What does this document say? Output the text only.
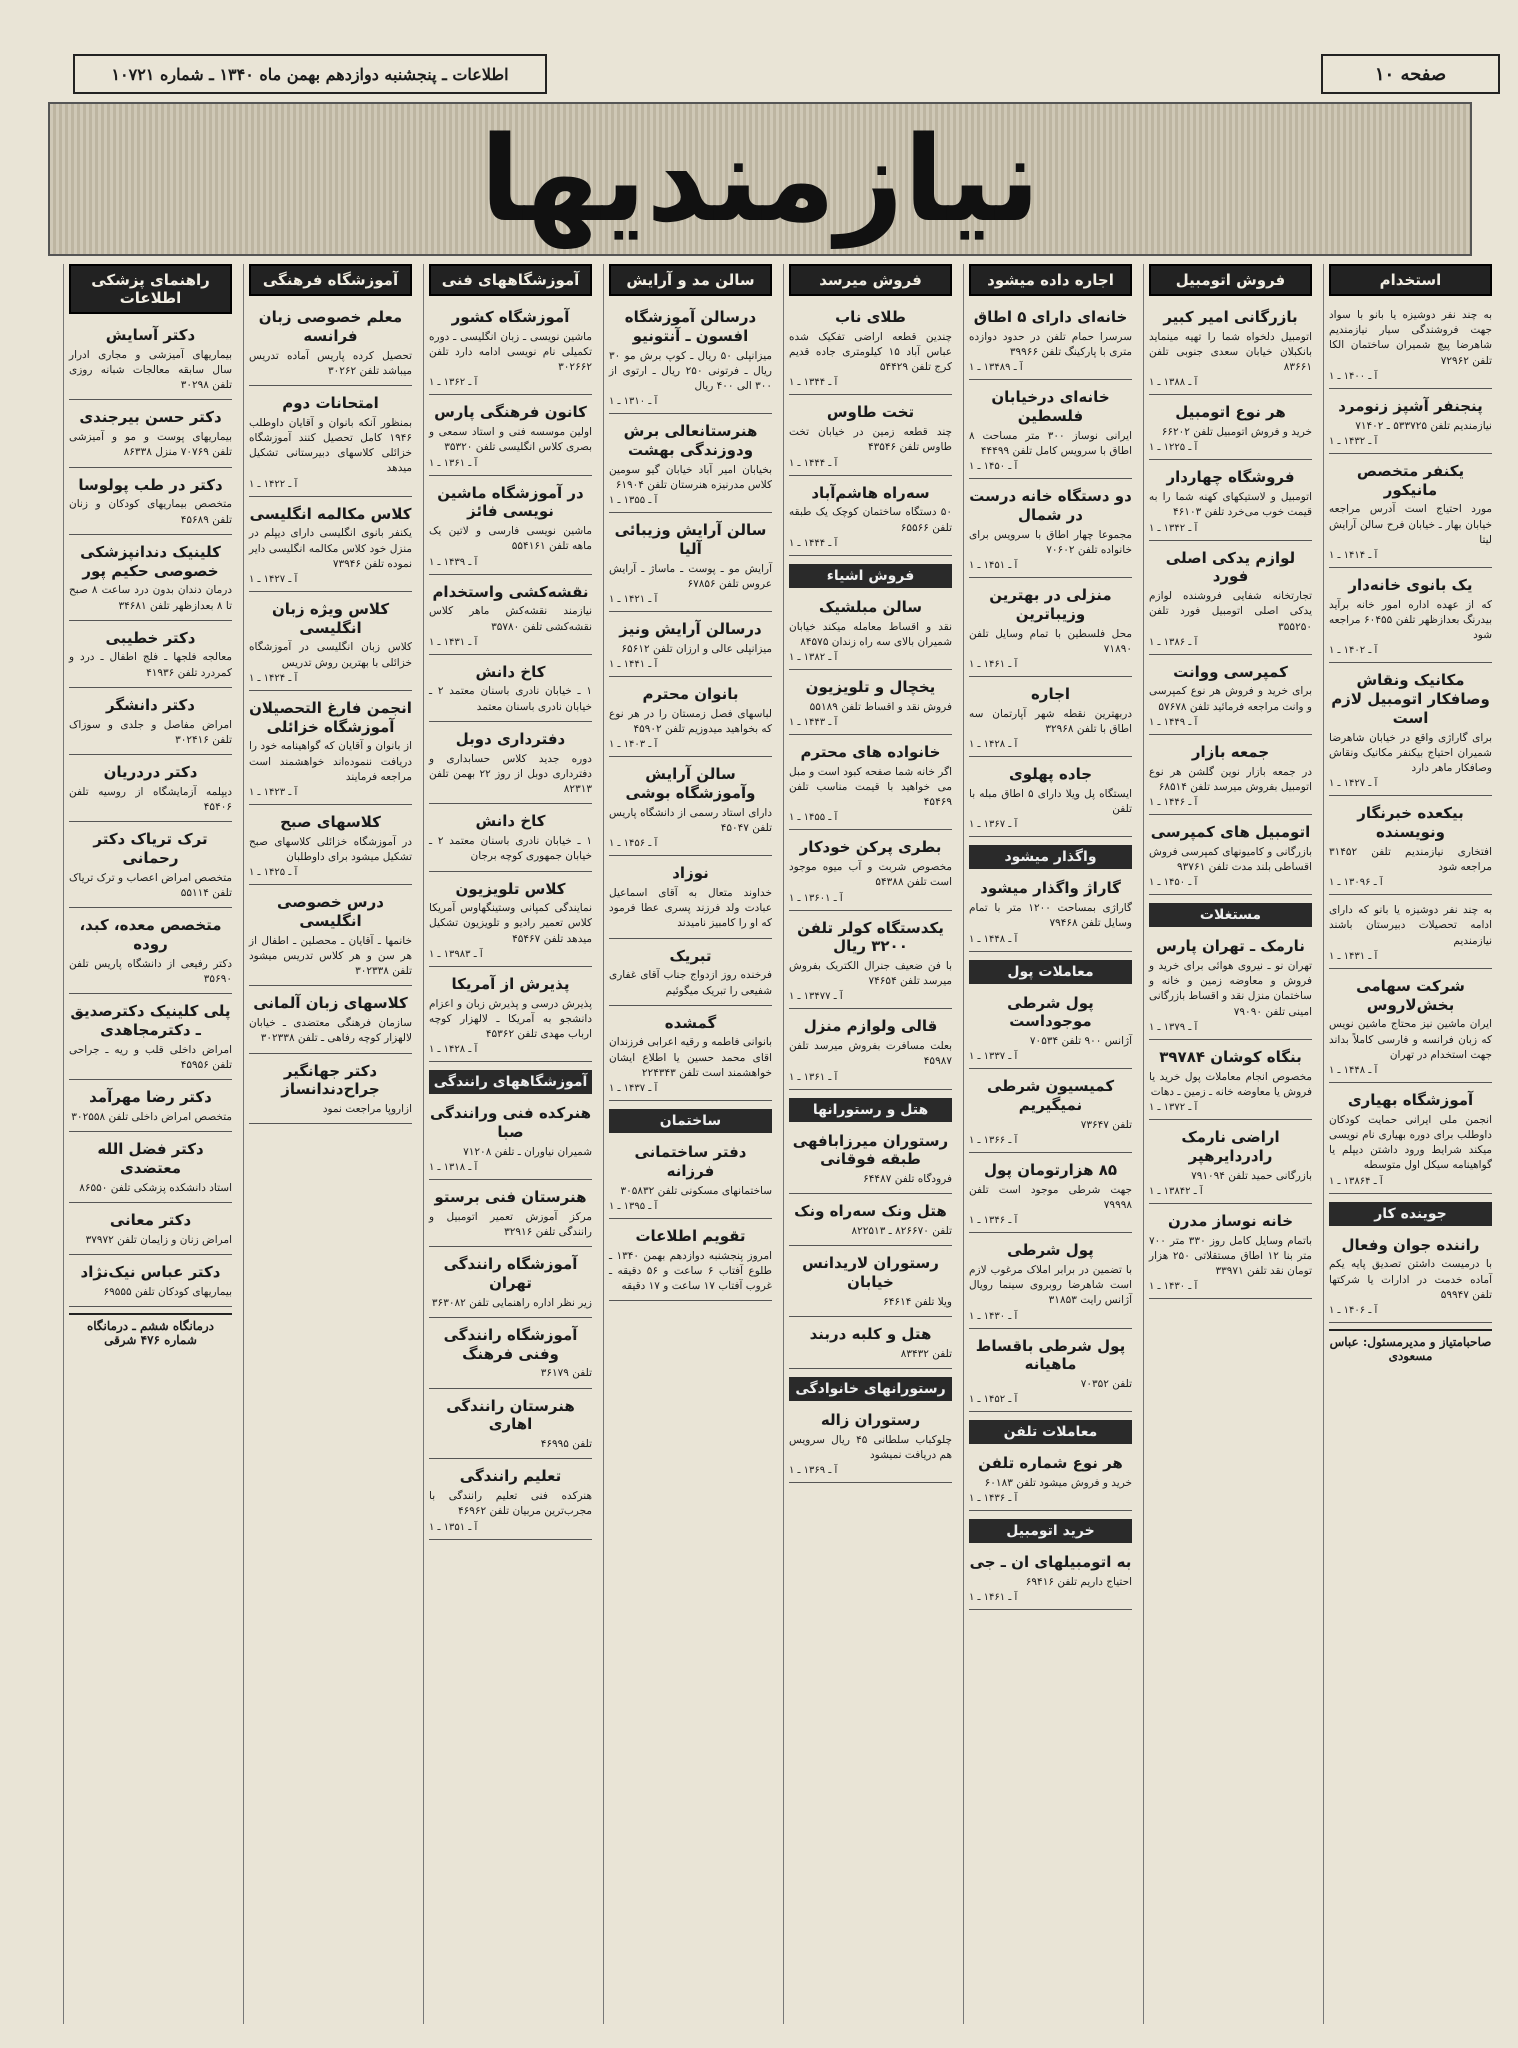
صفحه ۱۰
اطلاعات ـ پنجشنبه دوازدهم بهمن ماه ۱۳۴۰ ـ شماره ۱۰۷۲۱
نیازمندیها
استخدام

به چند نفر دوشیزه یا بانو با سواد جهت فروشندگی سیار نیازمندیم شاهرضا پیچ شمیران ساختمان الکا تلفن ۷۲۹۶۲

آ ـ ۱۴۰۰ ـ ۱
پنجنفر آشپز زنومرد

نیازمندیم تلفن ۵۳۳۷۲۵ ـ ۷۱۴۰۲

آ ـ ۱۴۳۲ ـ ۱
یکنفر متخصص مانیکور

مورد احتیاج است آدرس مراجعه خیابان بهار ـ خیابان فرح سالن آرایش لیتا

آ ـ ۱۴۱۴ ـ ۱
یک بانوی خانه‌دار

که از عهده اداره امور خانه برآید بیدرنگ بعدازظهر تلفن ۶۰۴۵۵ مراجعه شود

آ ـ ۱۴۰۲ ـ ۱
مکانیک ونقاش وصافکار اتومبیل لازم است

برای گاراژی واقع در خیابان شاهرضا شمیران احتیاج بیکنفر مکانیک ونقاش وصافکار ماهر دارد

آ ـ ۱۴۲۷ ـ ۱
بیکعده خبرنگار ونویسنده

افتخاری نیازمندیم تلفن ۳۱۴۵۲ مراجعه شود

آ ـ ۱۳۰۹۶ ـ ۱

به چند نفر دوشیزه یا بانو که دارای ادامه تحصیلات دبیرستان باشند نیازمندیم

آ ـ ۱۴۳۱ ـ ۱
شرکت سهامی بخش‌لاروس

ایران ماشین نیز محتاج ماشین نویس که زبان فرانسه و فارسی کاملاً بداند جهت استخدام در تهران

آ ـ ۱۴۴۸ ـ ۱
آموزشگاه بهیاری

انجمن ملی ایرانی حمایت کودکان داوطلب برای دوره بهیاری نام نویسی میکند شرایط ورود داشتن دیپلم یا گواهینامه سیکل اول متوسطه

آ ـ ۱۳۸۶۴ ـ ۱
جوینده کار
راننده جوان وفعال

با درمیست داشتن تصدیق پایه یکم آماده خدمت در ادارات یا شرکتها تلفن ۵۹۹۴۷

آ ـ ۱۴۰۶ ـ ۱
صاحبامتیاز و مدیرمسئول: عباس مسعودی
فروش اتومبیل
بازرگانی امیر کبیر

اتومبیل دلخواه شما را تهیه مینماید بانکبلان خیابان سعدی جنوبی تلفن ۸۳۶۶۱

آ ـ ۱۳۸۸ ـ ۱
هر نوع اتومبیل

خرید و فروش اتومبیل تلفن ۶۶۲۰۲

آ ـ ۱۲۲۵ ـ ۱
فروشگاه چهاردار

اتومبیل و لاستیکهای کهنه شما را به قیمت خوب می‌خرد تلفن ۴۶۱۰۳

آ ـ ۱۳۴۲ ـ ۱
لوازم یدکی اصلی فورد

تجارتخانه شفایی فروشنده لوازم یدکی اصلی اتومبیل فورد تلفن ۳۵۵۲۵۰

آ ـ ۱۳۸۶ ـ ۱
کمپرسی ووانت

برای خرید و فروش هر نوع کمپرسی و وانت مراجعه فرمائید تلفن ۵۷۶۷۸

آ ـ ۱۴۴۹ ـ ۱
جمعه بازار

در جمعه بازار نوین گلشن هر نوع اتومبیل بفروش میرسد تلفن ۶۸۵۱۴

آ ـ ۱۴۴۶ ـ ۱
اتومبیل های کمپرسی

بازرگانی و کامیونهای کمپرسی فروش اقساطی بلند مدت تلفن ۹۳۷۶۱

آ ـ ۱۴۵۰ ـ ۱
مستغلات
نارمک ـ تهران پارس

تهران نو ـ نیروی هوائی برای خرید و فروش و معاوضه زمین و خانه و ساختمان منزل نقد و اقساط بازرگانی امینی تلفن ۷۹۰۹۰

آ ـ ۱۳۷۹ ـ ۱
بنگاه کوشان ۳۹۷۸۴

مخصوص انجام معاملات پول خرید یا فروش یا معاوضه خانه ـ زمین ـ دهات

آ ـ ۱۳۷۲ ـ ۱
اراضی نارمک رادردایرهپر

بازرگانی حمید تلفن ۷۹۱۰۹۴

آ ـ ۱۳۸۴۲ ـ ۱
خانه نوساز مدرن

باتمام وسایل کامل روز ۳۳۰ متر ۷۰۰ متر بنا ۱۲ اطاق مستقلاتی ۲۵۰ هزار تومان نقد تلفن ۳۳۹۷۱

آ ـ ۱۴۳۰ ـ ۱
اجاره داده میشود
خانه‌ای دارای ۵ اطاق

سرسرا حمام تلفن در حدود دوازده متری با پارکینگ تلفن ۳۹۹۶۶

آ ـ ۱۳۴۸۹ ـ ۱
خانه‌ای درخیابان فلسطین

ایرانی نوساز ۳۰۰ متر مساحت ۸ اطاق با سرویس کامل تلفن ۴۴۴۹۹

آ ـ ۱۴۵۰ ـ ۱
دو دستگاه خانه درست در شمال

مجموعا چهار اطاق با سرویس برای خانواده تلفن ۷۰۶۰۲

آ ـ ۱۴۵۱ ـ ۱
منزلی در بهترین وزیباترین

محل فلسطین با تمام وسایل تلفن ۷۱۸۹۰

آ ـ ۱۴۶۱ ـ ۱
اجاره

دربهترین نقطه شهر آپارتمان سه اطاق با تلفن ۳۲۹۶۸

آ ـ ۱۴۲۸ ـ ۱
جاده پهلوی

ایستگاه پل ویلا دارای ۵ اطاق مبله با تلفن

آ ـ ۱۳۶۷ ـ ۱
واگذار میشود
گاراژ واگذار میشود

گاراژی بمساحت ۱۲۰۰ متر با تمام وسایل تلفن ۷۹۴۶۸

آ ـ ۱۴۴۸ ـ ۱
معاملات پول
پول شرطی موجوداست

آژانس ۹۰۰ تلفن ۷۰۵۳۴

آ ـ ۱۳۳۷ ـ ۱
کمیسیون شرطی نمیگیریم

تلفن ۷۳۶۴۷

آ ـ ۱۳۶۶ ـ ۱
۸۵ هزارتومان پول

جهت شرطی موجود است تلفن ۷۹۹۹۸

آ ـ ۱۳۴۶ ـ ۱
پول شرطی

با تضمین در برابر املاک مرغوب لازم است شاهرضا روبروی سینما رویال آژانس رایت ۳۱۸۵۳

آ ـ ۱۴۳۰ ـ ۱
پول شرطی باقساط ماهیانه

تلفن ۷۰۳۵۲

آ ـ ۱۴۵۲ ـ ۱
معاملات تلفن
هر نوع شماره تلفن

خرید و فروش میشود تلفن ۶۰۱۸۳

آ ـ ۱۴۳۶ ـ ۱
خرید اتومبیل
به اتومبیلهای ان ـ جی

احتیاج داریم تلفن ۶۹۴۱۶

آ ـ ۱۴۶۱ ـ ۱
فروش میرسد
طلای ناب

چندین قطعه اراضی تفکیک شده عباس آباد ۱۵ کیلومتری جاده قدیم کرج تلفن ۵۴۴۲۹

آ ـ ۱۳۴۴ ـ ۱
تخت طاوس

چند قطعه زمین در خیابان تخت طاوس تلفن ۴۳۵۴۶

آ ـ ۱۴۴۴ ـ ۱
سه‌راه هاشم‌آباد

۵۰ دستگاه ساختمان کوچک یک طبقه تلفن ۶۵۵۶۶

آ ـ ۱۴۴۴ ـ ۱
فروش اشیاء
سالن مبلشیک

نقد و اقساط معامله میکند خیابان شمیران بالای سه راه زندان ۸۴۵۷۵

آ ـ ۱۳۸۲ ـ ۱
یخچال و تلویزیون

فروش نقد و اقساط تلفن ۵۵۱۸۹

آ ـ ۱۴۴۳ ـ ۱
خانواده های محترم

اگر خانه شما صفحه کبود است و مبل می خواهید با قیمت مناسب تلفن ۴۵۴۶۹

آ ـ ۱۴۵۵ ـ ۱
بطری پرکن خودکار

مخصوص شربت و آب میوه موجود است تلفن ۵۴۳۸۸

آ ـ ۱۳۶۰۱ ـ ۱
یکدستگاه کولر تلفن ۳۲۰۰ ریال

با فن ضعیف جنرال الکتریک بفروش میرسد تلفن ۷۴۶۵۴

آ ـ ۱۳۴۷۷ ـ ۱
قالی ولوازم منزل

بعلت مسافرت بفروش میرسد تلفن ۴۵۹۸۷

آ ـ ۱۳۶۱ ـ ۱
هتل و رستورانها
رستوران میرزابافهی طبقه فوقانی

فرودگاه تلفن ۶۴۴۸۷

هتل ونک سه‌راه ونک

تلفن ۸۲۶۶۷۰ ـ ۸۲۲۵۱۳

رستوران لاریدانس خیابان

ویلا تلفن ۶۴۶۱۴

هتل و کلبه دربند

تلفن ۸۳۴۳۲

رستورانهای خانوادگی
رستوران زاله

چلوکباب سلطانی ۴۵ ریال سرویس هم دریافت نمیشود

آ ـ ۱۳۶۹ ـ ۱
سالن مد و آرایش
درسالن آموزشگاه افسون ـ آنتونیو

میزانپلی ۵۰ ریال ـ کوپ برش مو ۳۰ ریال ـ فرتونی ۲۵۰ ریال ـ ارتوی از ۳۰۰ الی ۴۰۰ ریال

آ ـ ۱۳۱۰ ـ ۱
هنرستانعالی برش ودوزندگی بهشت

بخیابان امیر آباد خیابان گیو سومین کلاس مدرنیزه هنرستان تلفن ۶۱۹۰۴

آ ـ ۱۳۵۵ ـ ۱
سالن آرایش وزیبائی آلیا

آرایش مو ـ پوست ـ ماساژ ـ آرایش عروس تلفن ۶۷۸۵۶

آ ـ ۱۴۲۱ ـ ۱
درسالن آرایش ونیز

میزانپلی عالی و ارزان تلفن ۶۵۶۱۲

آ ـ ۱۴۴۱ ـ ۱
بانوان محترم

لباسهای فصل زمستان را در هر نوع که بخواهید میدوزیم تلفن ۴۵۹۰۲

آ ـ ۱۴۰۳ ـ ۱
سالن آرایش وآموزشگاه بوشی

دارای استاد رسمی از دانشگاه پاریس تلفن ۴۵۰۴۷

آ ـ ۱۴۵۶ ـ ۱
نوزاد

خداوند متعال به آقای اسماعیل عبادت ولد فرزند پسری عطا فرمود که او را کامبیز نامیدند

تبریک

فرخنده روز ازدواج جناب آقای غفاری شفیعی را تبریک میگوئیم

گمشده

بانوانی فاطمه و رقیه اعرابی فرزندان اقای محمد حسین یا اطلاع ایشان خواهشمند است تلفن ۲۲۴۳۴۳

آ ـ ۱۴۳۷ ـ ۱
ساختمان
دفتر ساختمانی فرزانه

ساختمانهای مسکونی تلفن ۳۰۵۸۳۲

آ ـ ۱۳۹۵ ـ ۱
تقویم اطلاعات

امروز پنجشنبه دوازدهم بهمن ۱۳۴۰ ـ طلوع آفتاب ۶ ساعت و ۵۶ دقیقه ـ غروب آفتاب ۱۷ ساعت و ۱۷ دقیقه

آموزشگاههای فنی
آموزشگاه کشور

ماشین نویسی ـ زبان انگلیسی ـ دوره تکمیلی نام نویسی ادامه دارد تلفن ۳۰۲۶۶۲

آ ـ ۱۳۶۲ ـ ۱
کانون فرهنگی پارس

اولین موسسه فنی و استاد سمعی و بصری کلاس انگلیسی تلفن ۳۵۳۲۰

آ ـ ۱۳۶۱ ـ ۱
در آموزشگاه ماشین نویسی فائز

ماشین نویسی فارسی و لاتین یک ماهه تلفن ۵۵۴۱۶۱

آ ـ ۱۴۳۹ ـ ۱
نقشه‌کشی واستخدام

نیازمند نقشه‌کش ماهر کلاس نقشه‌کشی تلفن ۳۵۷۸۰

آ ـ ۱۴۳۱ ـ ۱
کاخ دانش

۱ ـ خیابان نادری باسنان معتمد ۲ ـ خیابان نادری باسنان معتمد

دفترداری دوبل

دوره جدید کلاس حسابداری و دفترداری دوبل از روز ۲۲ بهمن تلفن ۸۲۳۱۳

کاخ دانش

۱ ـ خیابان نادری باسنان معتمد ۲ ـ خیابان جمهوری کوچه برجان

کلاس تلویزیون

نمایندگی کمپانی وستینگهاوس آمریکا کلاس تعمیر رادیو و تلویزیون تشکیل میدهد تلفن ۴۵۴۶۷

آ ـ ۱۳۹۸۳ ـ ۱
پذیرش از آمریکا

پذیرش درسی و پذیرش زبان و اعزام دانشجو به آمریکا ـ لالهزار کوچه ارباب مهدی تلفن ۴۵۳۶۲

آ ـ ۱۴۲۸ ـ ۱
آموزشگاههای رانندگی
هنرکده فنی ورانندگی صبا

شمیران نیاوران ـ تلفن ۷۱۲۰۸

آ ـ ۱۳۱۸ ـ ۱
هنرستان فنی برستو

مرکز آموزش تعمیر اتومبیل و رانندگی تلفن ۳۲۹۱۶

آموزشگاه رانندگی تهران

زیر نظر اداره راهنمایی تلفن ۳۶۳۰۸۲

آموزشگاه رانندگی وفنی فرهنگ

تلفن ۳۶۱۷۹

هنرستان رانندگی اهاری

تلفن ۴۶۹۹۵

تعلیم رانندگی

هنرکده فنی تعلیم رانندگی با مجرب‌ترین مربیان تلفن ۴۶۹۶۲

آ ـ ۱۳۵۱ ـ ۱
آموزشگاه فرهنگی
معلم خصوصی زبان فرانسه

تحصیل کرده پاریس آماده تدریس میباشد تلفن ۳۰۲۶۲

امتحانات دوم

بمنظور آنکه بانوان و آقایان داوطلب ۱۹۴۶ کامل تحصیل کنند آموزشگاه خزائلی کلاسهای دبیرستانی تشکیل میدهد

آ ـ ۱۴۲۲ ـ ۱
کلاس مکالمه انگلیسی

یکنفر بانوی انگلیسی دارای دیپلم در منزل خود کلاس مکالمه انگلیسی دایر نموده تلفن ۷۳۹۴۶

آ ـ ۱۴۲۷ ـ ۱
کلاس ویژه زبان انگلیسی

کلاس زبان انگلیسی در آموزشگاه خزائلی با بهترین روش تدریس

آ ـ ۱۴۲۴ ـ ۱
انجمن فارغ التحصیلان آموزشگاه خزائلی

از بانوان و آقایان که گواهینامه خود را دریافت ننموده‌اند خواهشمند است مراجعه فرمایند

آ ـ ۱۴۲۳ ـ ۱
کلاسهای صبح

در آموزشگاه خزائلی کلاسهای صبح تشکیل میشود برای داوطلبان

آ ـ ۱۴۲۵ ـ ۱
درس خصوصی انگلیسی

خانمها ـ آقایان ـ محصلین ـ اطفال از هر سن و هر کلاس تدریس میشود تلفن ۳۰۲۳۳۸

کلاسهای زبان آلمانی

سازمان فرهنگی معتضدی ـ خیابان لالهزار کوچه رفاهی ـ تلفن ۳۰۲۳۳۸

دکتر جهانگیر جراح‌دندانساز

ازاروپا مراجعت نمود

راهنمای پزشکی اطلاعات
دکتر آسایش

بیماریهای آمیزشی و مجاری ادرار سال سابقه معالجات شبانه روزی تلفن ۳۰۲۹۸

دکتر حسن بیرجندی

بیماریهای پوست و مو و آمیزشی تلفن ۷۰۷۶۹ منزل ۸۶۳۳۸

دکتر در طب پولوسا

متخصص بیماریهای کودکان و زنان تلفن ۴۵۶۸۹

کلینیک دندانپزشکی خصوصی حکیم پور

درمان دندان بدون درد ساعت ۸ صبح تا ۸ بعدازظهر تلفن ۳۴۶۸۱

دکتر خطیبی

معالجه فلجها ـ فلج اطفال ـ درد و کمردرد تلفن ۴۱۹۳۶

دکتر دانشگر

امراض مفاصل و جلدی و سوزاک تلفن ۳۰۲۴۱۶

دکتر دردریان

دیپلمه آزمایشگاه از روسیه تلفن ۴۵۴۰۶

ترک تریاک دکتر رحمانی

متخصص امراض اعصاب و ترک تریاک تلفن ۵۵۱۱۴

متخصص معده، کبد، روده

دکتر رفیعی از دانشگاه پاریس تلفن ۳۵۶۹۰

پلی کلینیک دکترصدیق ـ دکترمجاهدی

امراض داخلی قلب و ریه ـ جراحی تلفن ۴۵۹۵۶

دکتر رضا مهرآمد

متخصص امراض داخلی تلفن ۳۰۲۵۵۸

دکتر فضل الله معتضدی

استاد دانشکده پزشکی تلفن ۸۶۵۵۰

دکتر معانی

امراض زنان و زایمان تلفن ۳۷۹۷۲

دکتر عباس نیک‌نژاد

بیماریهای کودکان تلفن ۶۹۵۵۵

درمانگاه ششم ـ درمانگاه شماره ۴۷۶ شرقی
